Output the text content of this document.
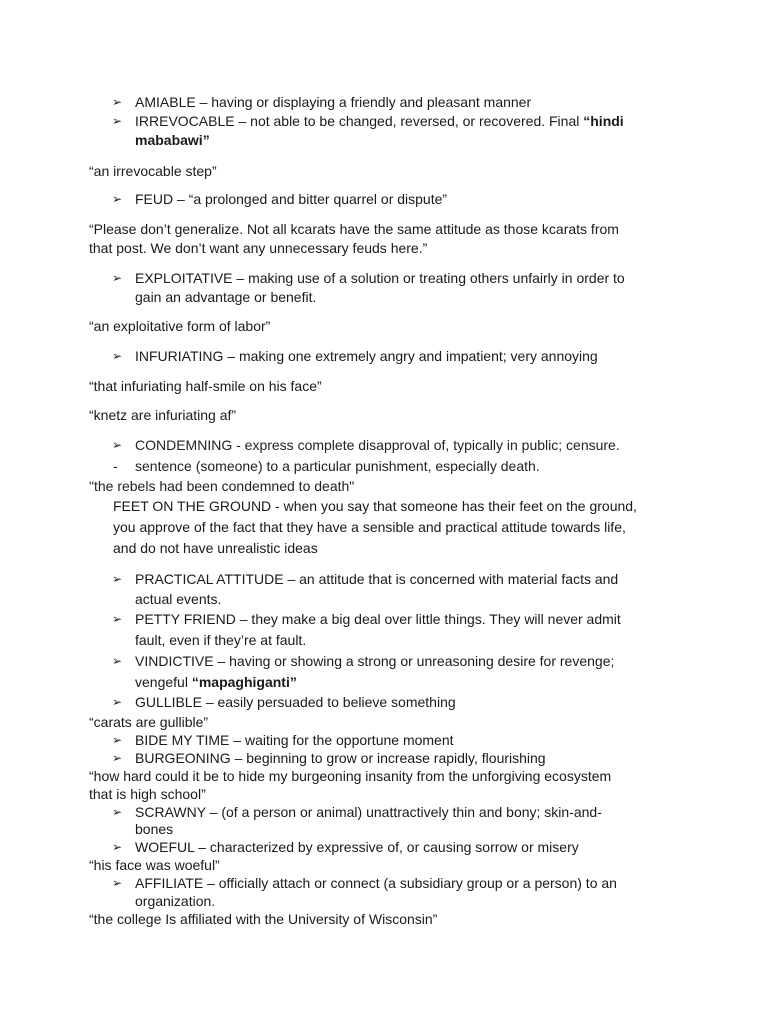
➢ AMIABLE – having or displaying a friendly and pleasant manner
➢ IRREVOCABLE – not able to be changed, reversed, or recovered. Final “hindi
mababawi”
“an irrevocable step”
➢ FEUD – “a prolonged and bitter quarrel or dispute”
“Please don’t generalize. Not all kcarats have the same attitude as those kcarats from
that post. We don’t want any unnecessary feuds here.”
➢ EXPLOITATIVE – making use of a solution or treating others unfairly in order to
gain an advantage or benefit.
“an exploitative form of labor”
➢ INFURIATING – making one extremely angry and impatient; very annoying
“that infuriating half-smile on his face”
“knetz are infuriating af”
➢ CONDEMNING - express complete disapproval of, typically in public; censure.
- sentence (someone) to a particular punishment, especially death.
"the rebels had been condemned to death"
FEET ON THE GROUND - when you say that someone has their feet on the ground,
you approve of the fact that they have a sensible and practical attitude towards life,
and do not have unrealistic ideas
➢ PRACTICAL ATTITUDE – an attitude that is concerned with material facts and
actual events.
➢ PETTY FRIEND – they make a big deal over little things. They will never admit
fault, even if they’re at fault.
➢ VINDICTIVE – having or showing a strong or unreasoning desire for revenge;
vengeful “mapaghiganti”
➢ GULLIBLE – easily persuaded to believe something
“carats are gullible”
➢ BIDE MY TIME – waiting for the opportune moment
➢ BURGEONING – beginning to grow or increase rapidly, flourishing
“how hard could it be to hide my burgeoning insanity from the unforgiving ecosystem
that is high school”
➢ SCRAWNY – (of a person or animal) unattractively thin and bony; skin-and-
bones
➢ WOEFUL – characterized by expressive of, or causing sorrow or misery
“his face was woeful”
➢ AFFILIATE – officially attach or connect (a subsidiary group or a person) to an
organization.
“the college Is affiliated with the University of Wisconsin”
